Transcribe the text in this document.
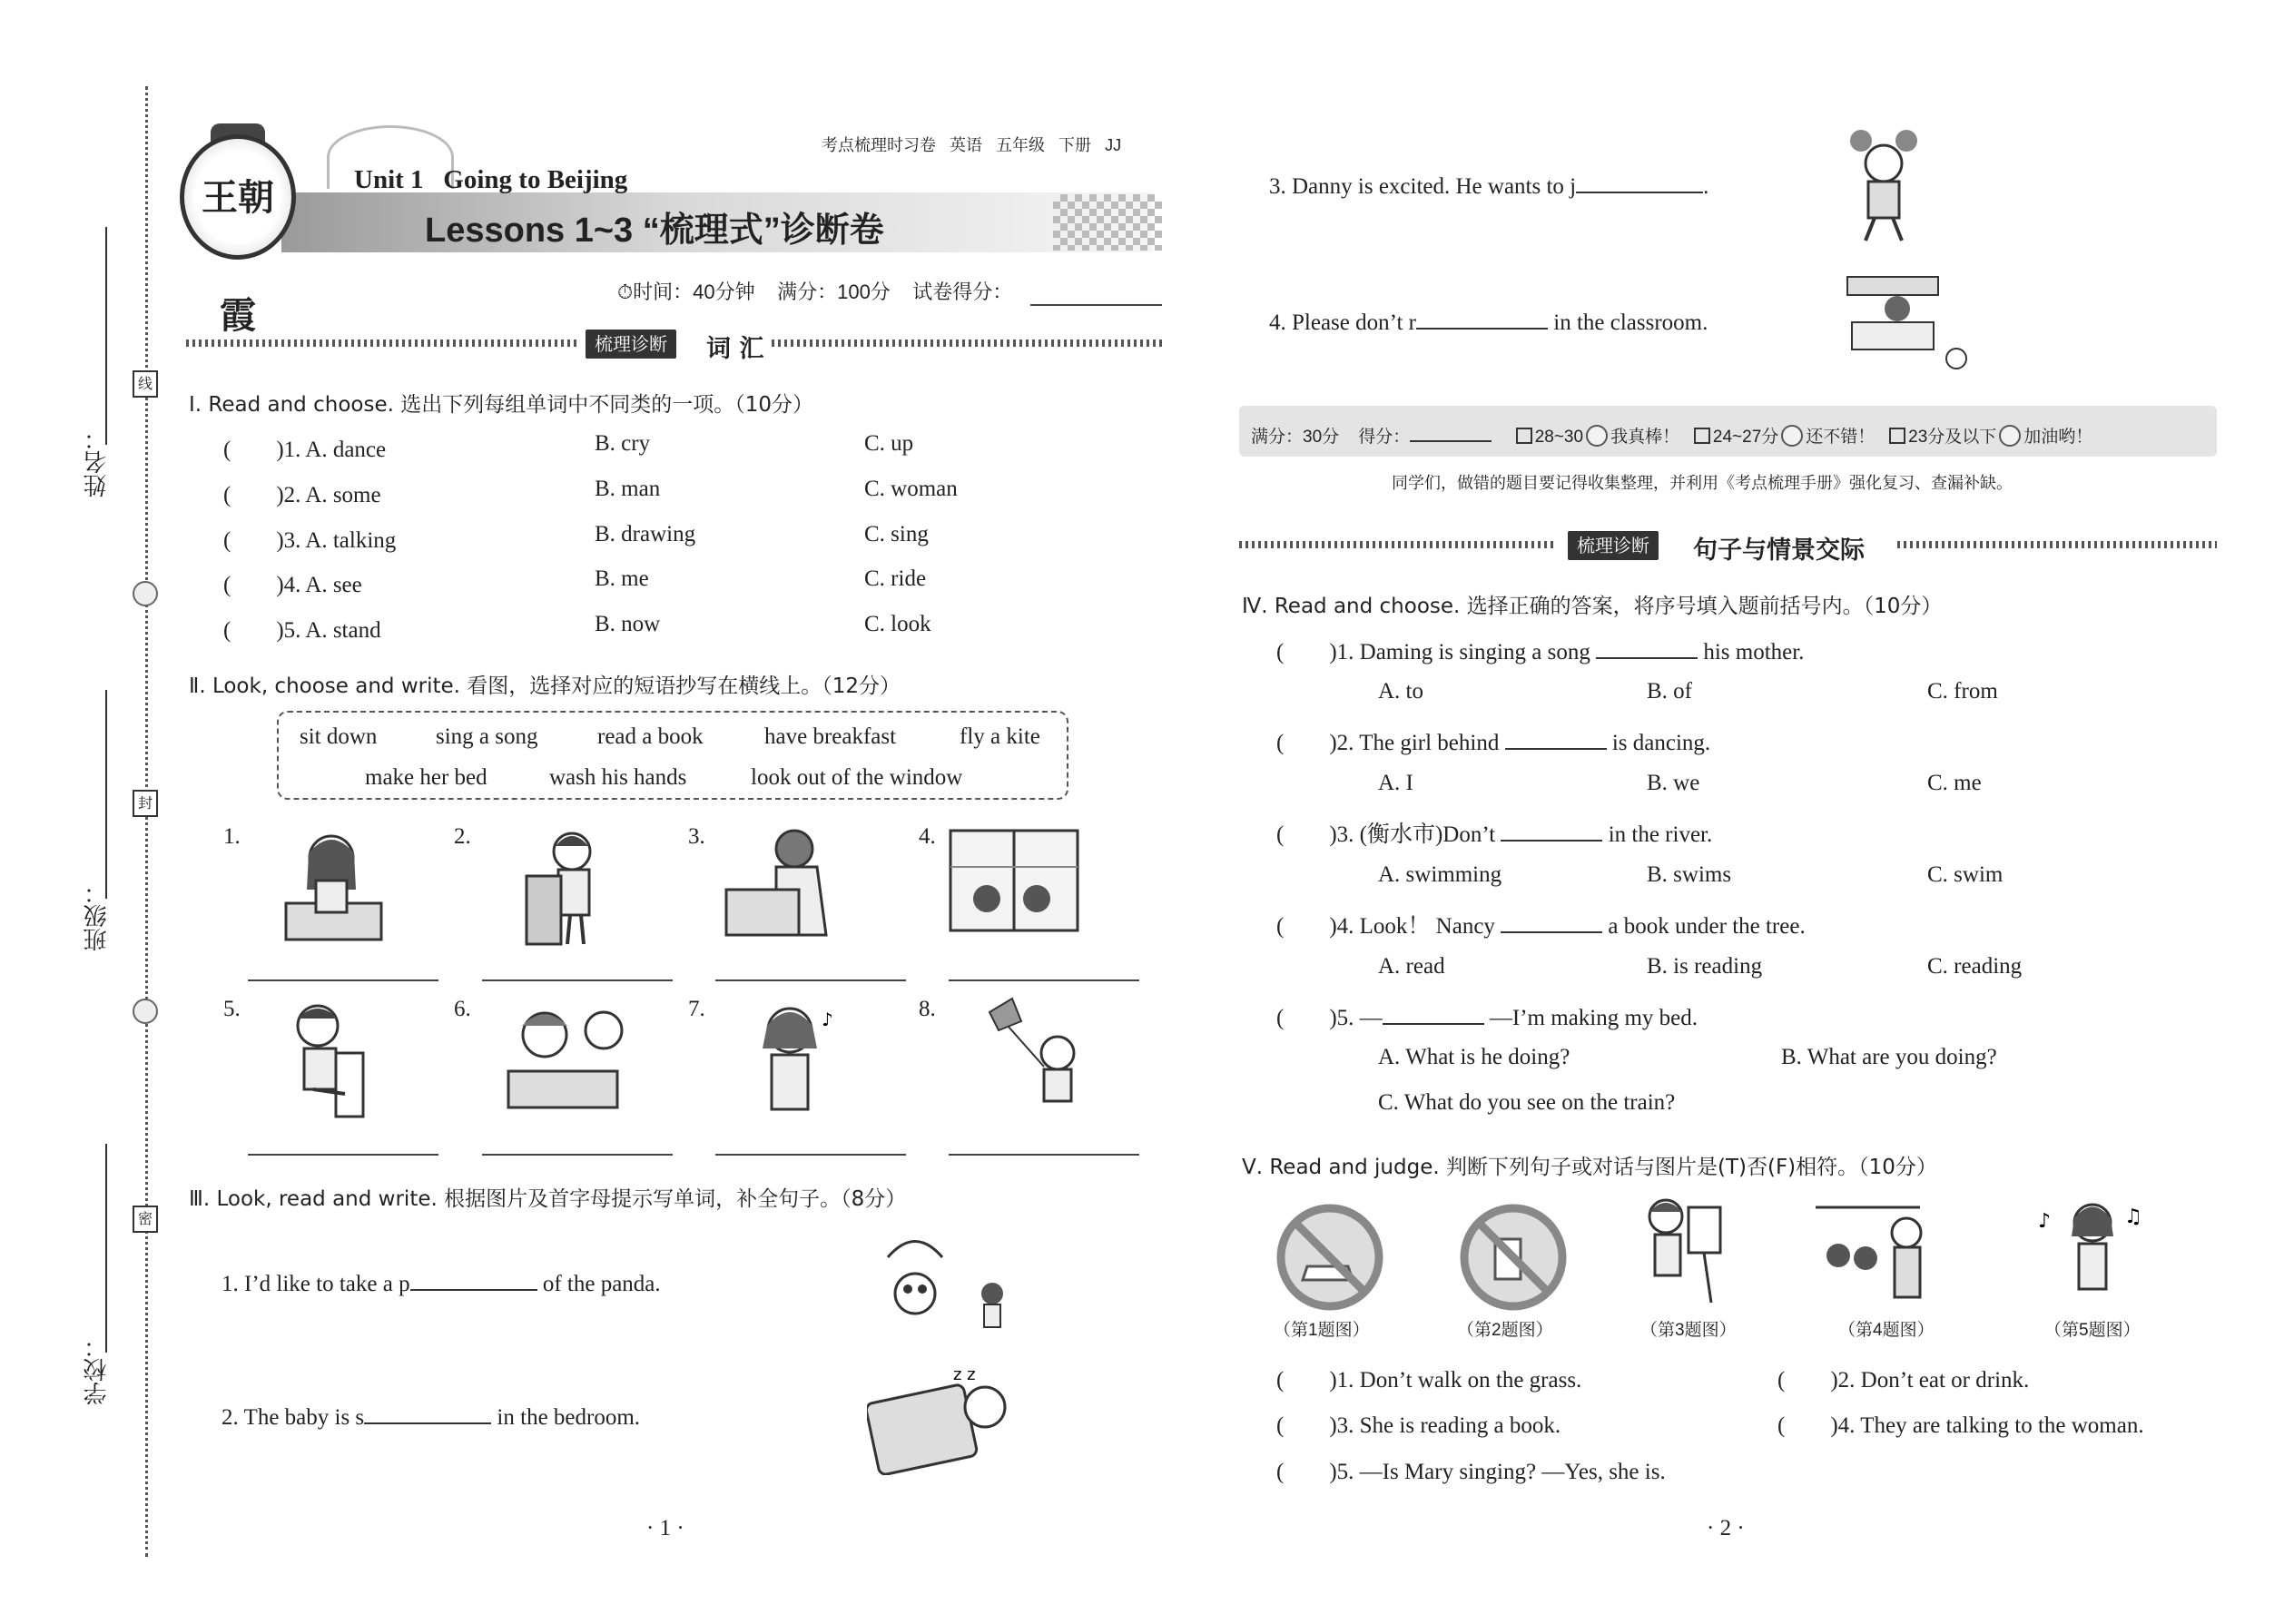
姓名：
班级：
学校：
线
封
密
王朝霞
考点梳理时习卷 英语 五年级 下册 JJ
Unit 1 Going to Beijing
Lessons 1~3 “梳理式”诊断卷
⏱时间：40分钟 满分：100分 试卷得分：
梳理诊断	词 汇
Ⅰ. Read and choose. 选出下列每组单词中不同类的一项。（10分）
(　　)1. A. dance	B. cry	C. up
(　　)2. A. some	B. man	C. woman
(　　)3. A. talking	B. drawing	C. sing
(　　)4. A. see	B. me	C. ride
(　　)5. A. stand	B. now	C. look
Ⅱ. Look, choose and write. 看图，选择对应的短语抄写在横线上。（12分）
sit down	sing a song	read a book	have breakfast	fly a kite
make her bed	wash his hands	look out of the window
1.	2.	3.	4.
5.	6.	7.	♪	8.
Ⅲ. Look, read and write. 根据图片及首字母提示写单词，补全句子。（8分）
1. I’d like to take a p	of the panda.
2. The baby is s	in the bedroom.
z z
3. Danny is excited. He wants to j	.
4. Please don’t r	in the classroom.
满分：30分 得分：	28~30 我真棒！ 24~27分 还不错！ 23分及以下 加油哟！
同学们，做错的题目要记得收集整理，并利用《考点梳理手册》强化复习、查漏补缺。
梳理诊断	句子与情景交际
Ⅳ. Read and choose. 选择正确的答案，将序号填入题前括号内。（10分）
(　　)1. Daming is singing a song	his mother.
A. to	B. of	C. from
(　　)2. The girl behind	is dancing.
A. I	B. we	C. me
(　　)3. (衡水市)Don’t	in the river.
A. swimming	B. swims	C. swim
(　　)4. Look！ Nancy	a book under the tree.
A. read	B. is reading	C. reading
(　　)5. —	—I’m making my bed.
A. What is he doing?	B. What are you doing?
C. What do you see on the train?
Ⅴ. Read and judge. 判断下列句子或对话与图片是(T)否(F)相符。（10分）
♪	♫
（第1题图）	（第2题图）	（第3题图）	（第4题图）	（第5题图）
(　　)1. Don’t walk on the grass.	(　　)2. Don’t eat or drink.
(　　)3. She is reading a book.	(　　)4. They are talking to the woman.
(　　)5. —Is Mary singing? —Yes, she is.
· 1 ·	· 2 ·
